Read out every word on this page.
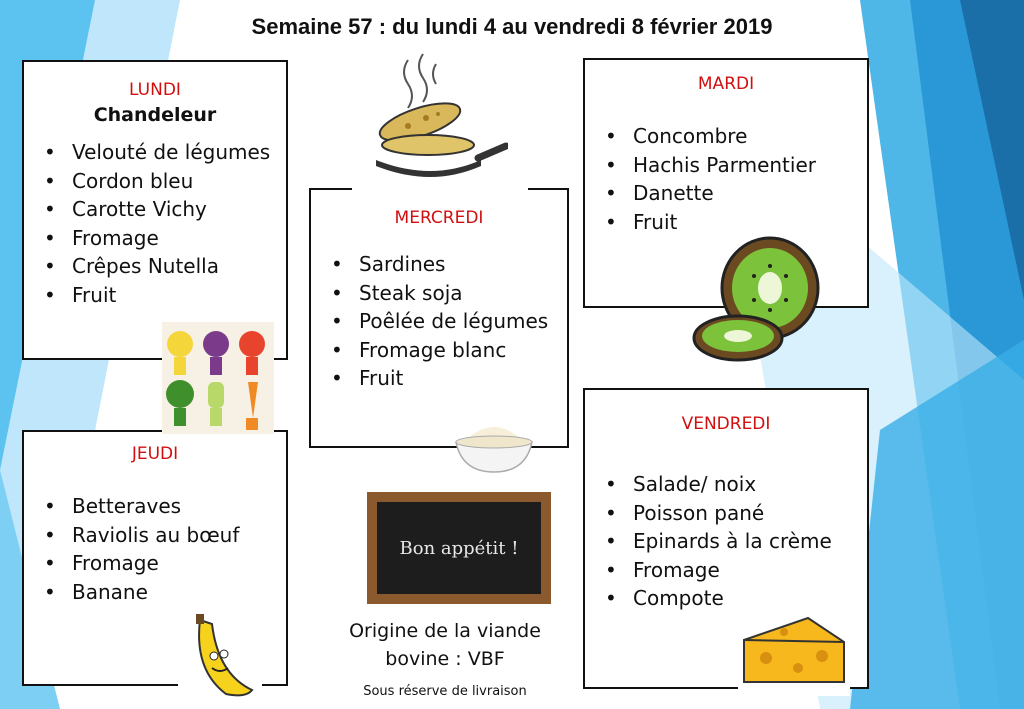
Semaine 57 : du lundi 4 au vendredi 8 février 2019
LUNDI
Chandeleur
• Velouté de légumes
• Cordon bleu
• Carotte Vichy
• Fromage
• Crêpes Nutella
• Fruit
MARDI
• Concombre
• Hachis Parmentier
• Danette
• Fruit
MERCREDI
• Sardines
• Steak soja
• Poêlée de légumes
• Fromage blanc
• Fruit
JEUDI
• Betteraves
• Raviolis au bœuf
• Fromage
• Banane
VENDREDI
• Salade/ noix
• Poisson pané
• Epinards à la crème
• Fromage
• Compote
Bon appétit !
Origine de la viande bovine : VBF
Sous réserve de livraison
